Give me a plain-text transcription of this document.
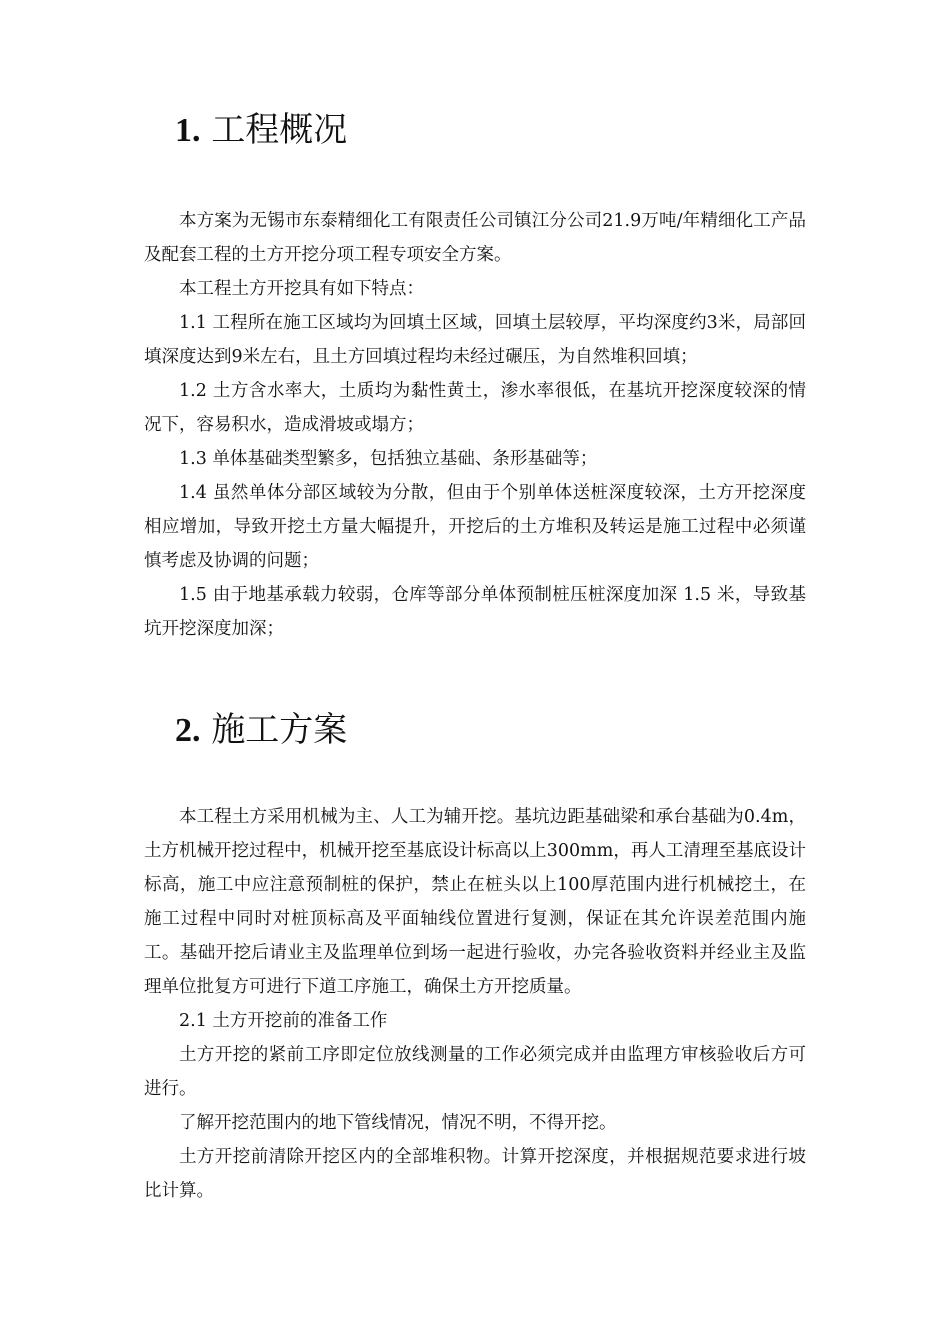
1. 工程概况

本方案为无锡市东泰精细化工有限责任公司镇江分公司21.9万吨/年精细化工产品及配套工程的土方开挖分项工程专项安全方案。

本工程土方开挖具有如下特点：

1.1 工程所在施工区域均为回填土区域，回填土层较厚，平均深度约3米，局部回填深度达到9米左右，且土方回填过程均未经过碾压，为自然堆积回填；

1.2 土方含水率大，土质均为黏性黄土，渗水率很低，在基坑开挖深度较深的情况下，容易积水，造成滑坡或塌方；

1.3 单体基础类型繁多，包括独立基础、条形基础等；

1.4 虽然单体分部区域较为分散，但由于个别单体送桩深度较深，土方开挖深度相应增加，导致开挖土方量大幅提升，开挖后的土方堆积及转运是施工过程中必须谨慎考虑及协调的问题；

1.5 由于地基承载力较弱，仓库等部分单体预制桩压桩深度加深 1.5 米，导致基坑开挖深度加深；

2. 施工方案

本工程土方采用机械为主、人工为辅开挖。基坑边距基础梁和承台基础为0.4m，土方机械开挖过程中，机械开挖至基底设计标高以上300mm，再人工清理至基底设计标高，施工中应注意预制桩的保护，禁止在桩头以上100厚范围内进行机械挖土，在施工过程中同时对桩顶标高及平面轴线位置进行复测，保证在其允许误差范围内施工。基础开挖后请业主及监理单位到场一起进行验收，办完各验收资料并经业主及监理单位批复方可进行下道工序施工，确保土方开挖质量。

2.1 土方开挖前的准备工作

土方开挖的紧前工序即定位放线测量的工作必须完成并由监理方审核验收后方可进行。

了解开挖范围内的地下管线情况，情况不明，不得开挖。

土方开挖前清除开挖区内的全部堆积物。计算开挖深度，并根据规范要求进行坡比计算。
